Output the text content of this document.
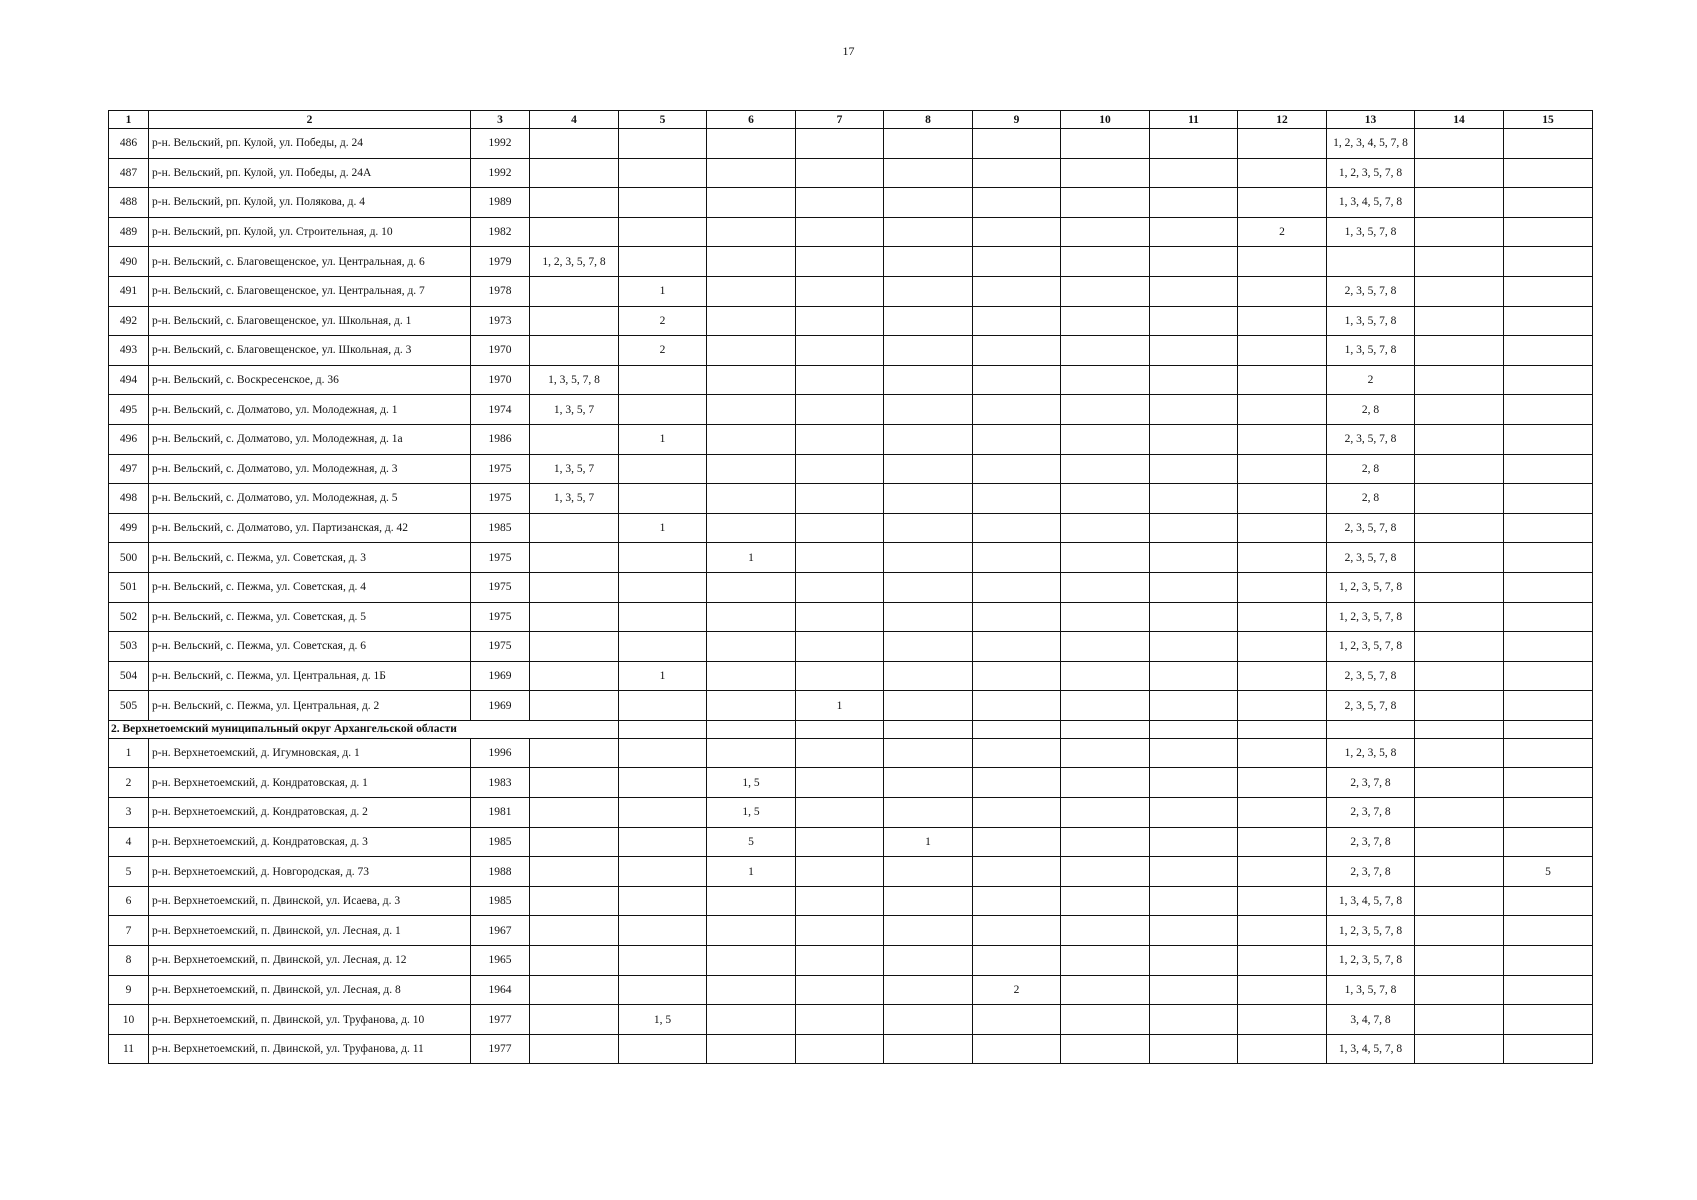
17
1	2	3	4	5	6	7	8	9	10	11	12	13	14	15
486	р-н. Вельский, рп. Кулой, ул. Победы, д. 24	1992										1, 2, 3, 4, 5, 7, 8		
487	р-н. Вельский, рп. Кулой, ул. Победы, д. 24А	1992										1, 2, 3, 5, 7, 8		
488	р-н. Вельский, рп. Кулой, ул. Полякова, д. 4	1989										1, 3, 4, 5, 7, 8		
489	р-н. Вельский, рп. Кулой, ул. Строительная, д. 10	1982									2	1, 3, 5, 7, 8		
490	р-н. Вельский, с. Благовещенское, ул. Центральная, д. 6	1979	1, 2, 3, 5, 7, 8											
491	р-н. Вельский, с. Благовещенское, ул. Центральная, д. 7	1978		1								2, 3, 5, 7, 8		
492	р-н. Вельский, с. Благовещенское, ул. Школьная, д. 1	1973		2								1, 3, 5, 7, 8		
493	р-н. Вельский, с. Благовещенское, ул. Школьная, д. 3	1970		2								1, 3, 5, 7, 8		
494	р-н. Вельский, с. Воскресенское, д. 36	1970	1, 3, 5, 7, 8									2		
495	р-н. Вельский, с. Долматово, ул. Молодежная, д. 1	1974	1, 3, 5, 7									2, 8		
496	р-н. Вельский, с. Долматово, ул. Молодежная, д. 1а	1986		1								2, 3, 5, 7, 8		
497	р-н. Вельский, с. Долматово, ул. Молодежная, д. 3	1975	1, 3, 5, 7									2, 8		
498	р-н. Вельский, с. Долматово, ул. Молодежная, д. 5	1975	1, 3, 5, 7									2, 8		
499	р-н. Вельский, с. Долматово, ул. Партизанская, д. 42	1985		1								2, 3, 5, 7, 8		
500	р-н. Вельский, с. Пежма, ул. Советская, д. 3	1975			1							2, 3, 5, 7, 8		
501	р-н. Вельский, с. Пежма, ул. Советская, д. 4	1975										1, 2, 3, 5, 7, 8		
502	р-н. Вельский, с. Пежма, ул. Советская, д. 5	1975										1, 2, 3, 5, 7, 8		
503	р-н. Вельский, с. Пежма, ул. Советская, д. 6	1975										1, 2, 3, 5, 7, 8		
504	р-н. Вельский, с. Пежма, ул. Центральная, д. 1Б	1969		1								2, 3, 5, 7, 8		
505	р-н. Вельский, с. Пежма, ул. Центральная, д. 2	1969				1						2, 3, 5, 7, 8		
2. Верхнетоемский муниципальный округ Архангельской области														
1	р-н. Верхнетоемский, д. Игумновская, д. 1	1996										1, 2, 3, 5, 8		
2	р-н. Верхнетоемский, д. Кондратовская, д. 1	1983			1, 5							2, 3, 7, 8		
3	р-н. Верхнетоемский, д. Кондратовская, д. 2	1981			1, 5							2, 3, 7, 8		
4	р-н. Верхнетоемский, д. Кондратовская, д. 3	1985			5		1					2, 3, 7, 8		
5	р-н. Верхнетоемский, д. Новгородская, д. 73	1988			1							2, 3, 7, 8		5
6	р-н. Верхнетоемский, п. Двинской, ул. Исаева, д. 3	1985										1, 3, 4, 5, 7, 8		
7	р-н. Верхнетоемский, п. Двинской, ул. Лесная, д. 1	1967										1, 2, 3, 5, 7, 8		
8	р-н. Верхнетоемский, п. Двинской, ул. Лесная, д. 12	1965										1, 2, 3, 5, 7, 8		
9	р-н. Верхнетоемский, п. Двинской, ул. Лесная, д. 8	1964						2				1, 3, 5, 7, 8		
10	р-н. Верхнетоемский, п. Двинской, ул. Труфанова, д. 10	1977		1, 5								3, 4, 7, 8		
11	р-н. Верхнетоемский, п. Двинской, ул. Труфанова, д. 11	1977										1, 3, 4, 5, 7, 8		
